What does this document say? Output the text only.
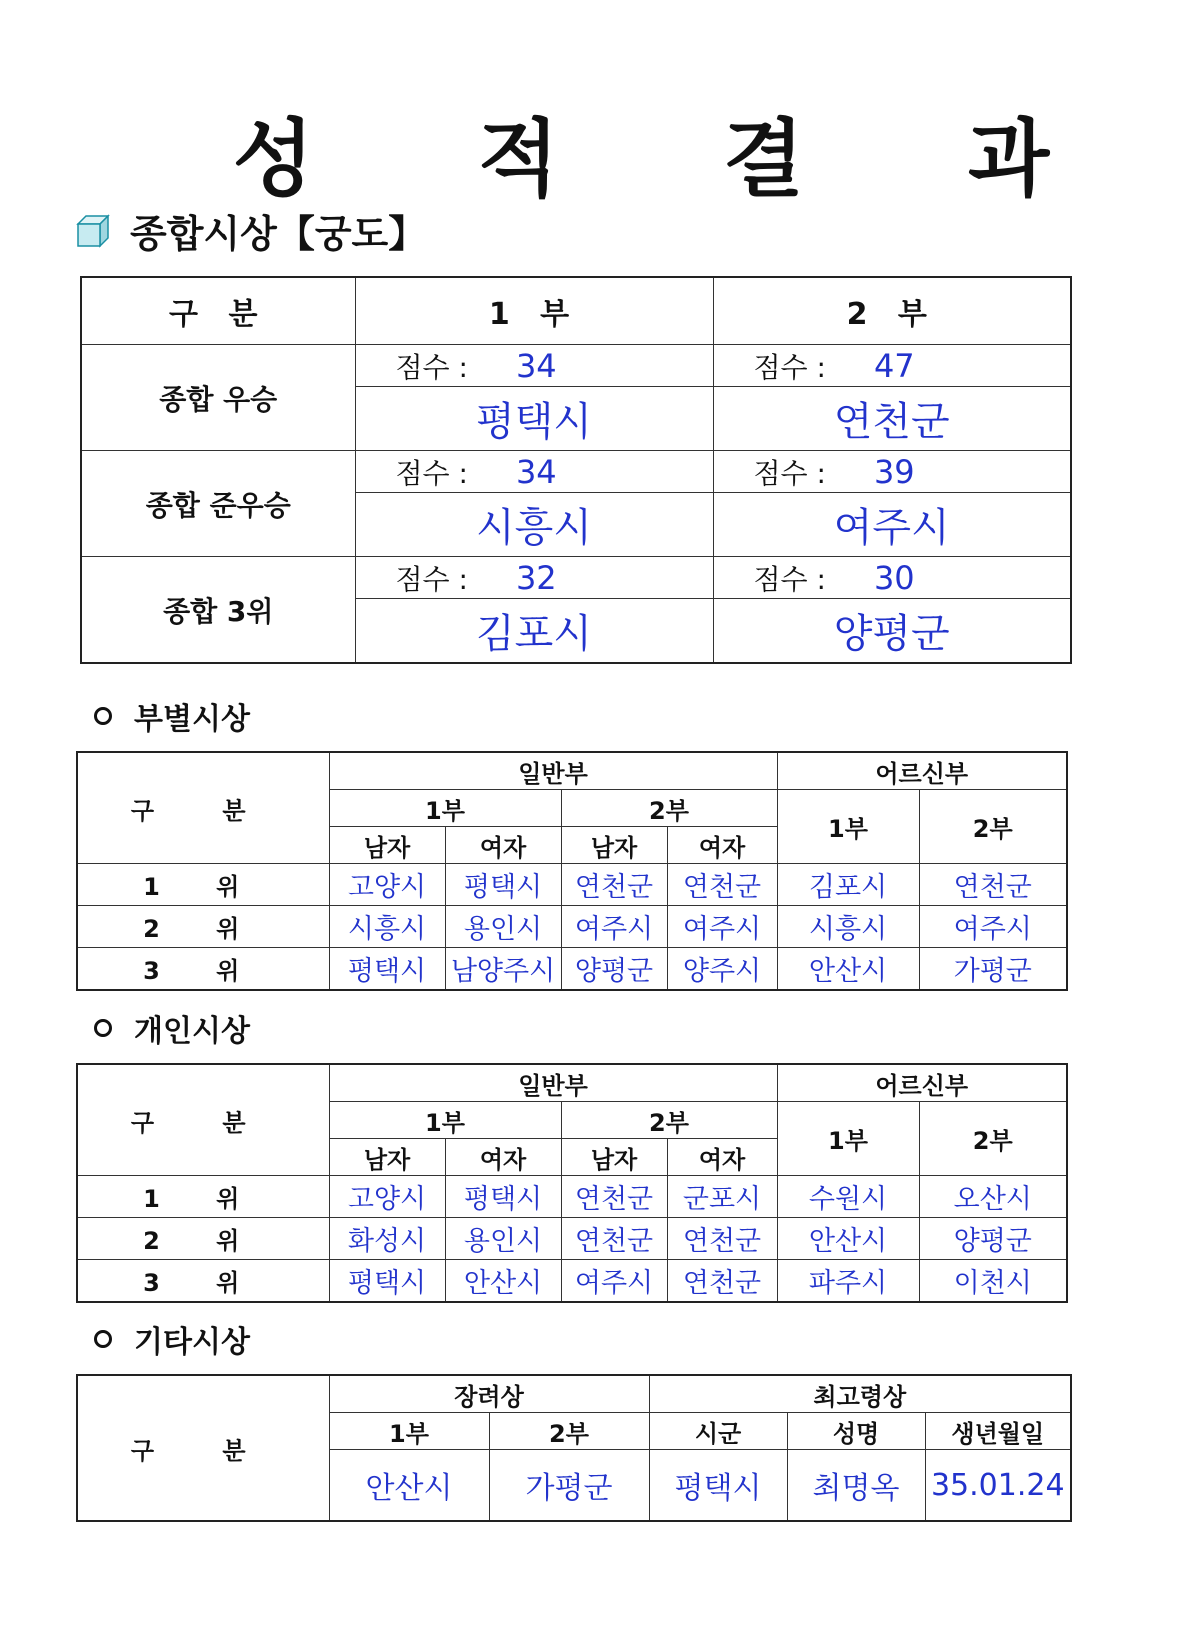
성 적 결 과
종합시상【궁도】
구 분	1 부	2 부
종합 우승	점수 : 34	점수 : 47
	평택시	연천군
종합 준우승	점수 : 34	점수 : 39
	시흥시	여주시
종합 3위	점수 : 32	점수 : 30
	김포시	양평군
부별시상
구 분	일반부				어르신부	
	1부		2부		1부	2부
	남자	여자	남자	여자		
1 위	고양시	평택시	연천군	연천군	김포시	연천군
2 위	시흥시	용인시	여주시	여주시	시흥시	여주시
3 위	평택시	남양주시	양평군	양주시	안산시	가평군
개인시상
구 분	일반부				어르신부	
	1부		2부		1부	2부
	남자	여자	남자	여자		
1 위	고양시	평택시	연천군	군포시	수원시	오산시
2 위	화성시	용인시	연천군	연천군	안산시	양평군
3 위	평택시	안산시	여주시	연천군	파주시	이천시
기타시상
구 분	장려상		최고령상		
	1부	2부	시군	성명	생년월일
	안산시	가평군	평택시	최명옥	35.01.24
